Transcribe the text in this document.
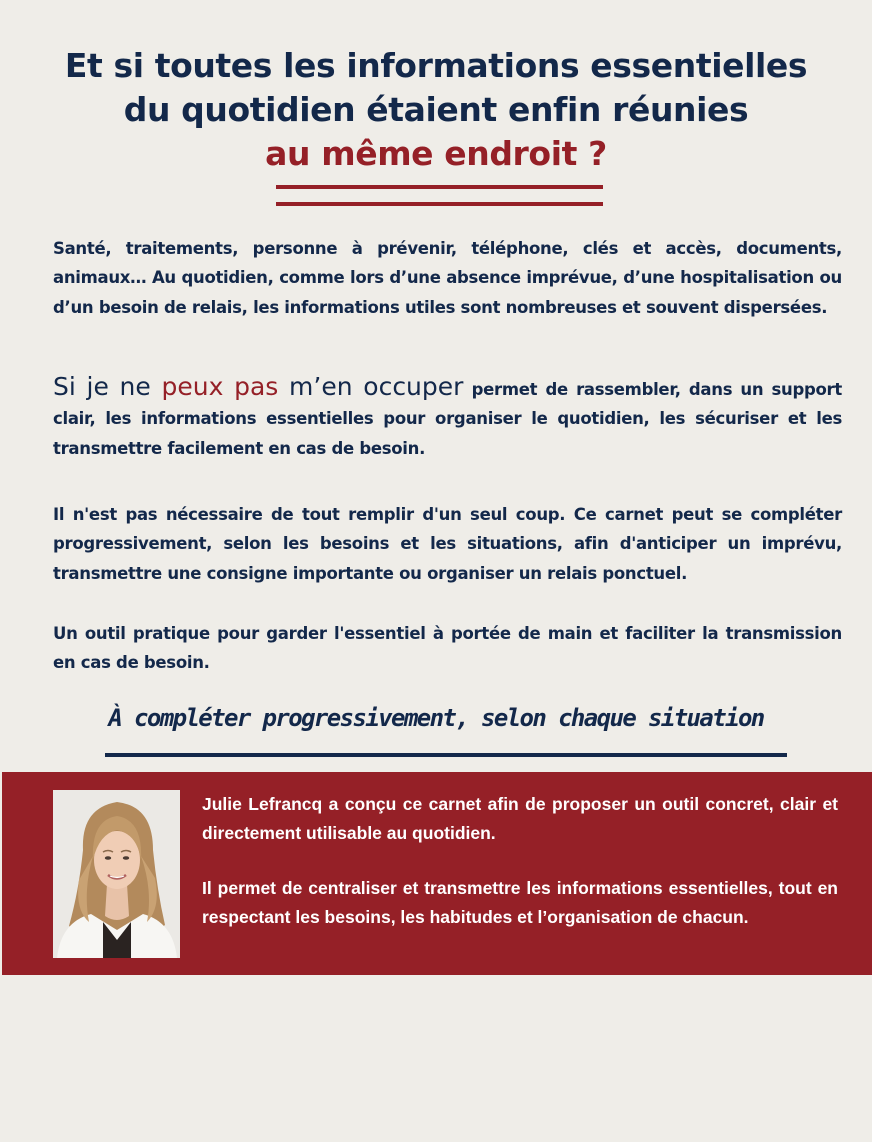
Et si toutes les informations essentielles
du quotidien étaient enfin réunies
au même endroit ?

Santé, traitements, personne à prévenir, téléphone, clés et accès, documents, animaux… Au quotidien, comme lors d’une absence imprévue, d’une hospitalisation ou d’un besoin de relais, les informations utiles sont nombreuses et souvent dispersées.

Si je ne peux pas m’en occuper permet de rassembler, dans un support clair, les informations essentielles pour organiser le quotidien, les sécuriser et les transmettre facilement en cas de besoin.

Il n'est pas nécessaire de tout remplir d'un seul coup. Ce carnet peut se compléter progressivement, selon les besoins et les situations, afin d'anticiper un imprévu, transmettre une consigne importante ou organiser un relais ponctuel.

Un outil pratique pour garder l'essentiel à portée de main et faciliter la transmission en cas de besoin.

À compléter progressivement, selon chaque situation

Julie Lefrancq a conçu ce carnet afin de proposer un outil concret, clair et directement utilisable au quotidien.

Il permet de centraliser et transmettre les informations essentielles, tout en respectant les besoins, les habitudes et l’organisation de chacun.
